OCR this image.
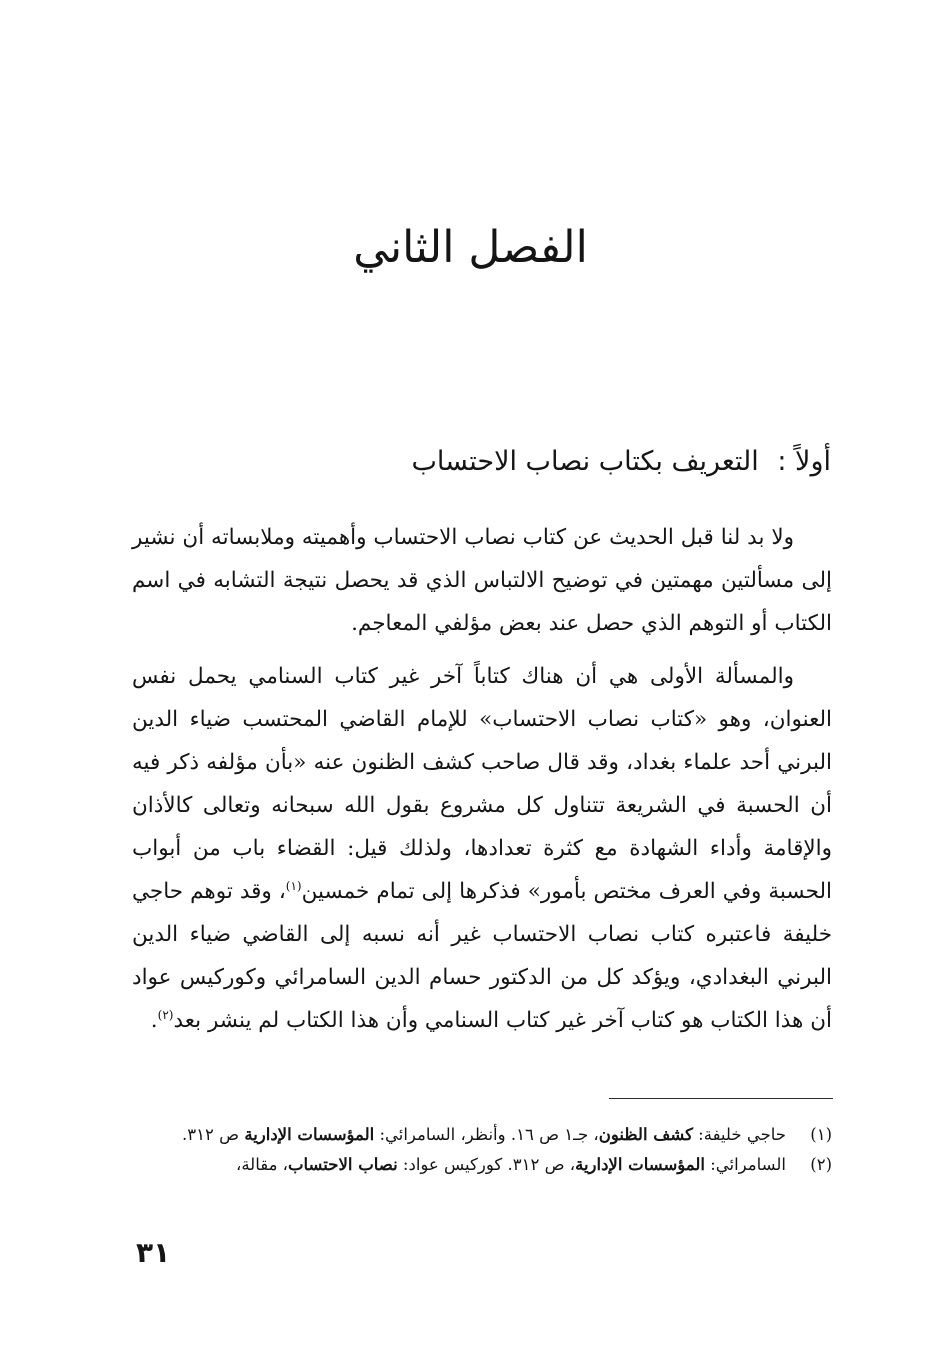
الفصل الثاني
أولاً : التعريف بكتاب نصاب الاحتساب

ولا بد لنا قبل الحديث عن كتاب نصاب الاحتساب وأهميته وملابساته أن نشير إلى مسألتين مهمتين في توضيح الالتباس الذي قد يحصل نتيجة التشابه في اسم الكتاب أو التوهم الذي حصل عند بعض مؤلفي المعاجم.

والمسألة الأولى هي أن هناك كتاباً آخر غير كتاب السنامي يحمل نفس العنوان، وهو «كتاب نصاب الاحتساب» للإمام القاضي المحتسب ضياء الدين البرني أحد علماء بغداد، وقد قال صاحب كشف الظنون عنه «بأن مؤلفه ذكر فيه أن الحسبة في الشريعة تتناول كل مشروع بقول الله سبحانه وتعالى كالأذان والإقامة وأداء الشهادة مع كثرة تعدادها، ولذلك قيل: القضاء باب من أبواب الحسبة وفي العرف مختص بأمور» فذكرها إلى تمام خمسين$^{(١)}$، وقد توهم حاجي خليفة فاعتبره كتاب نصاب الاحتساب غير أنه نسبه إلى القاضي ضياء الدين البرني البغدادي، ويؤكد كل من الدكتور حسام الدين السامرائي وكوركيس عواد أن هذا الكتاب هو كتاب آخر غير كتاب السنامي وأن هذا الكتاب لم ينشر بعد$^{(٢)}$.

(١)
حاجي خليفة: كشف الظنون، جـ١ ص ١٦. وأنظر، السامرائي: المؤسسات الإدارية ص ٣١٢.
(٢)
السامرائي: المؤسسات الإدارية، ص ٣١٢. كوركيس عواد: نصاب الاحتساب، مقالة،
٣١
